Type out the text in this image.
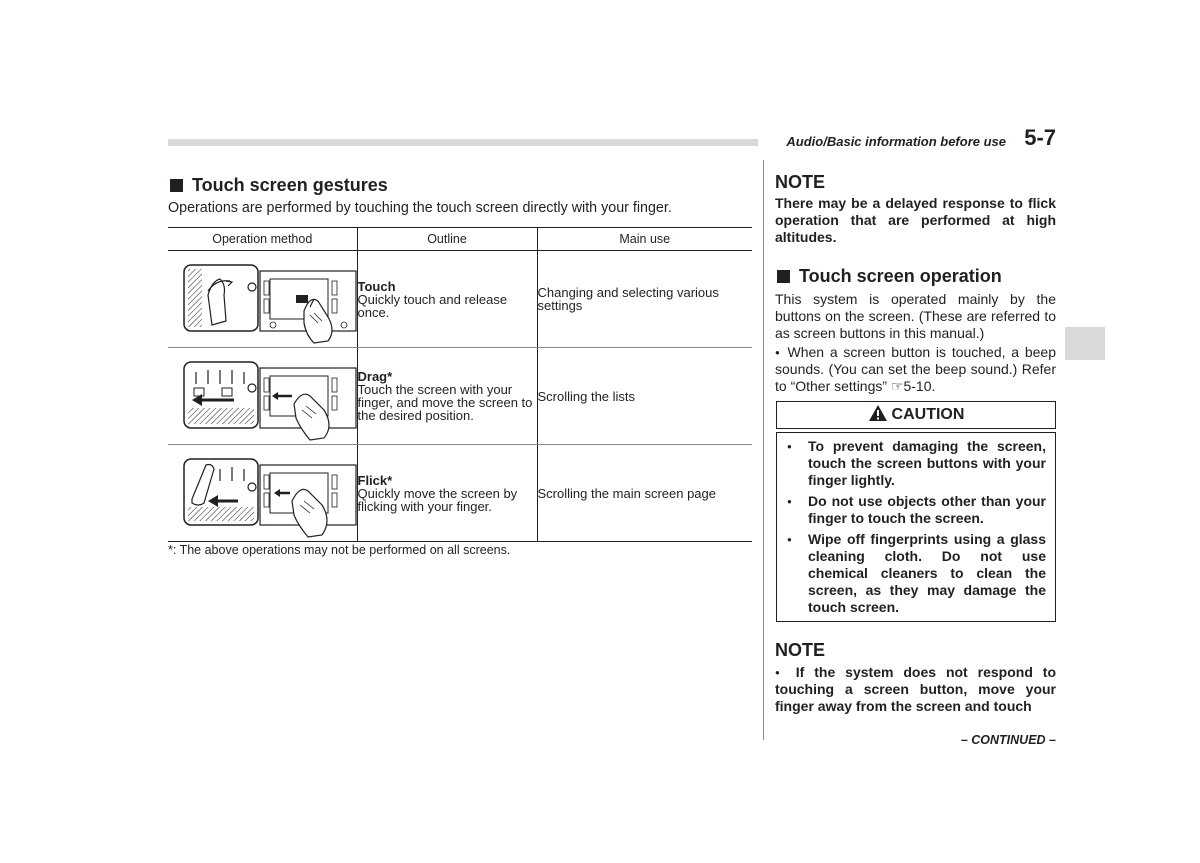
Audio/Basic information before use 5-7
Touch screen gestures
Operations are performed by touching the touch screen directly with your finger.
Operation method	Outline	Main use

Touch
Quickly touch and release once.	Changing and selecting various settings

Drag*
Touch the screen with your finger, and move the screen to the desired position.	Scrolling the lists

Flick*
Quickly move the screen by flicking with your finger.	Scrolling the main screen page
*: The above operations may not be performed on all screens.
NOTE
There may be a delayed response to flick operation that are performed at high altitudes.
Touch screen operation
This system is operated mainly by the buttons on the screen. (These are referred to as screen buttons in this manual.)
● When a screen button is touched, a beep sounds. (You can set the beep sound.) Refer to “Other settings” ☞5-10.
CAUTION
● To prevent damaging the screen, touch the screen buttons with your finger lightly.
● Do not use objects other than your finger to touch the screen.
● Wipe off fingerprints using a glass cleaning cloth. Do not use chemical cleaners to clean the screen, as they may damage the touch screen.
NOTE
● If the system does not respond to touching a screen button, move your finger away from the screen and touch
– CONTINUED –
